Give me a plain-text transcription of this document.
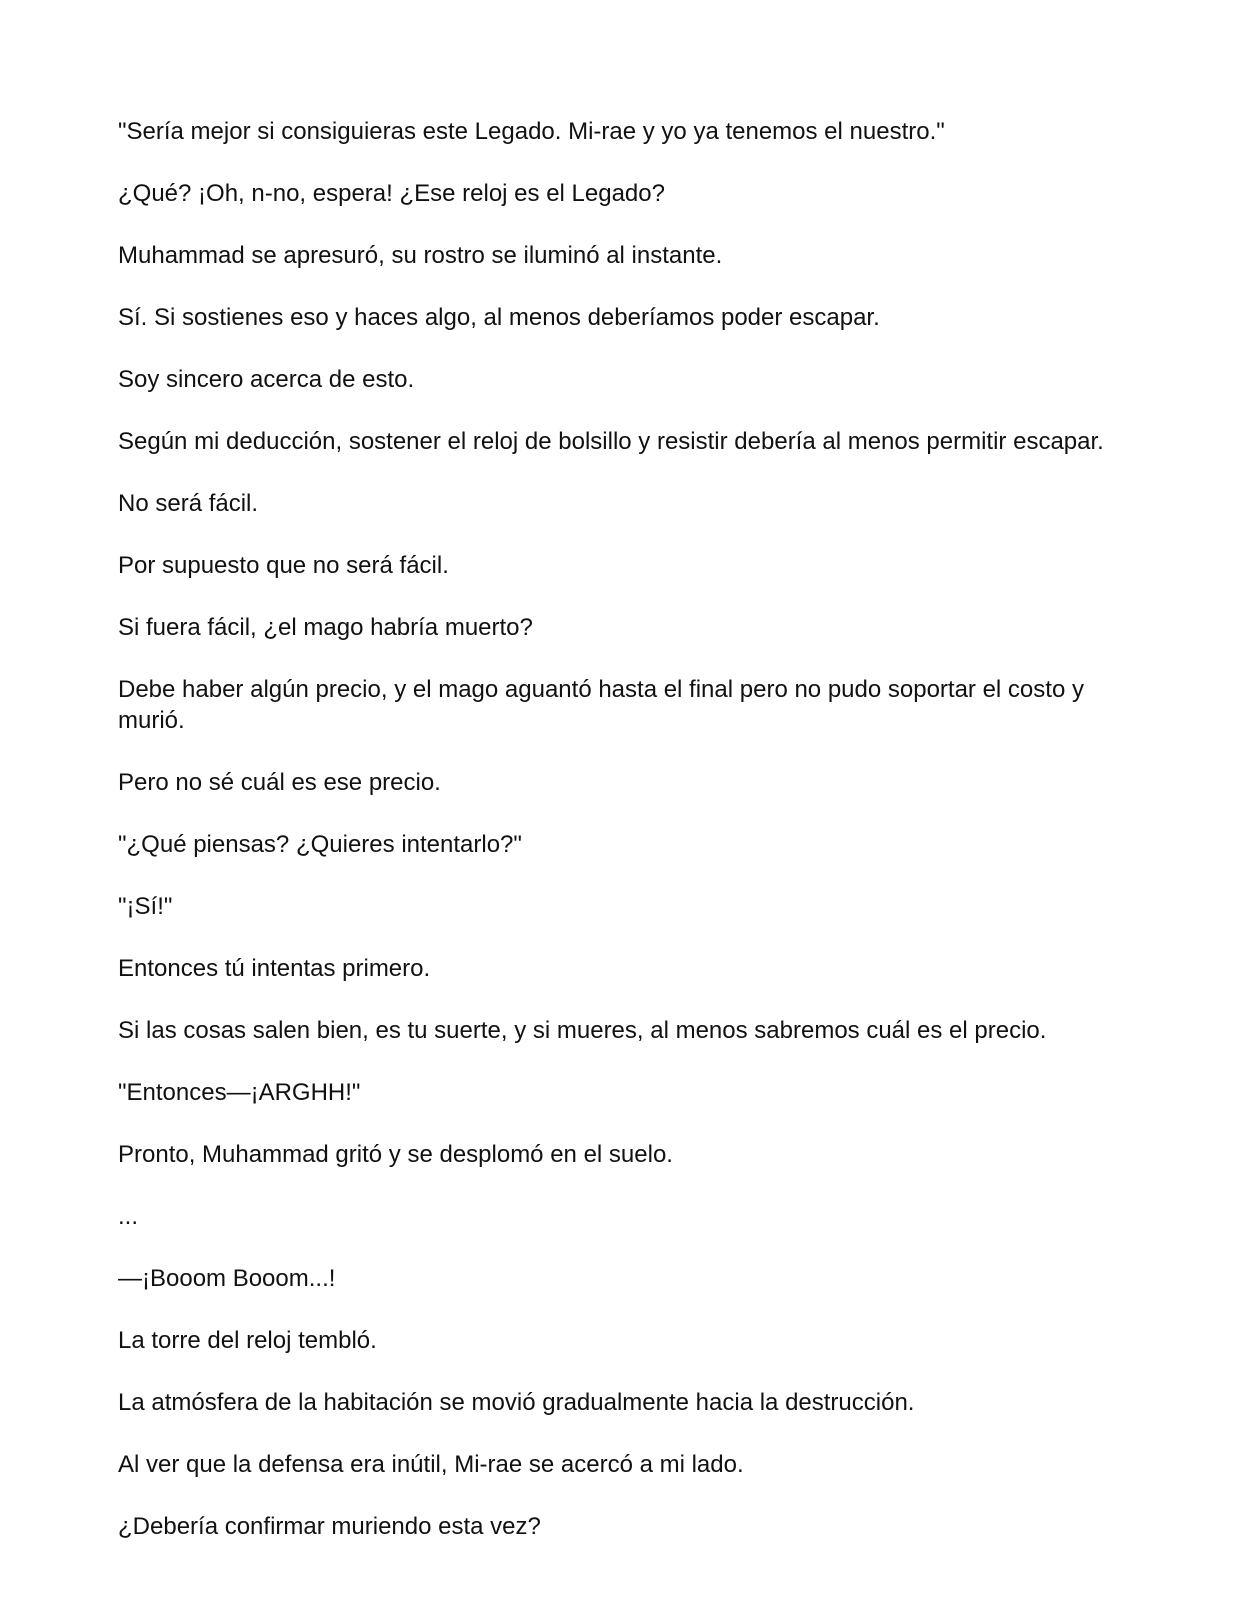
"Sería mejor si consiguieras este Legado. Mi-rae y yo ya tenemos el nuestro."

¿Qué? ¡Oh, n-no, espera! ¿Ese reloj es el Legado?

Muhammad se apresuró, su rostro se iluminó al instante.

Sí. Si sostienes eso y haces algo, al menos deberíamos poder escapar.

Soy sincero acerca de esto.

Según mi deducción, sostener el reloj de bolsillo y resistir debería al menos permitir escapar.

No será fácil.

Por supuesto que no será fácil.

Si fuera fácil, ¿el mago habría muerto?

Debe haber algún precio, y el mago aguantó hasta el final pero no pudo soportar el costo y murió.

Pero no sé cuál es ese precio.

"¿Qué piensas? ¿Quieres intentarlo?"

"¡Sí!"

Entonces tú intentas primero.

Si las cosas salen bien, es tu suerte, y si mueres, al menos sabremos cuál es el precio.

"Entonces—¡ARGHH!"

Pronto, Muhammad gritó y se desplomó en el suelo.

...

—¡Booom Booom...!

La torre del reloj tembló.

La atmósfera de la habitación se movió gradualmente hacia la destrucción.

Al ver que la defensa era inútil, Mi-rae se acercó a mi lado.

¿Debería confirmar muriendo esta vez?
